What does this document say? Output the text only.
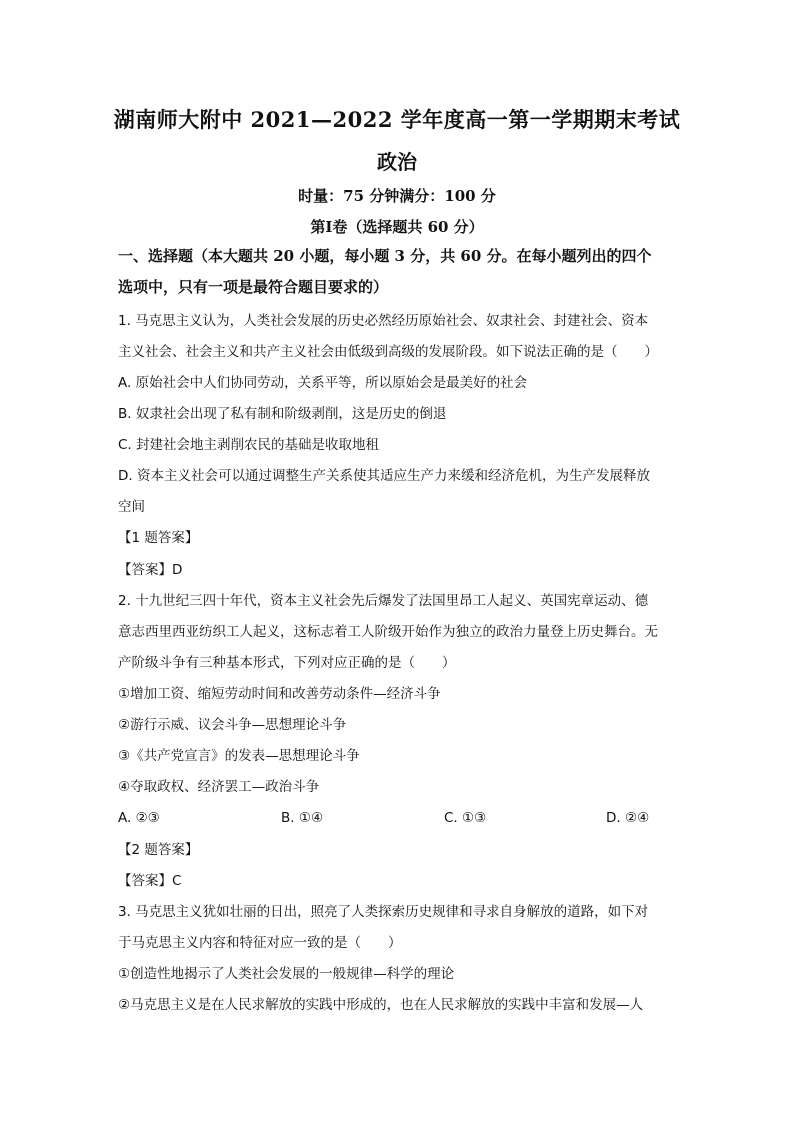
湖南师大附中 2021—2022 学年度高一第一学期期末考试
政治
时量：75 分钟满分：100 分
第Ⅰ卷（选择题共 60 分）
一、选择题（本大题共 20 小题，每小题 3 分，共 60 分。在每小题列出的四个
选项中，只有一项是最符合题目要求的）
1. 马克思主义认为，人类社会发展的历史必然经历原始社会、奴隶社会、封建社会、资本
主义社会、社会主义和共产主义社会由低级到高级的发展阶段。如下说法正确的是（　　）
A. 原始社会中人们协同劳动，关系平等，所以原始会是最美好的社会
B. 奴隶社会出现了私有制和阶级剥削，这是历史的倒退
C. 封建社会地主剥削农民的基础是收取地租
D. 资本主义社会可以通过调整生产关系使其适应生产力来缓和经济危机，为生产发展释放
空间
【1 题答案】
【答案】D
2. 十九世纪三四十年代，资本主义社会先后爆发了法国里昂工人起义、英国宪章运动、德
意志西里西亚纺织工人起义，这标志着工人阶级开始作为独立的政治力量登上历史舞台。无
产阶级斗争有三种基本形式，下列对应正确的是（　　）
①增加工资、缩短劳动时间和改善劳动条件—经济斗争
②游行示威、议会斗争—思想理论斗争
③《共产党宣言》的发表—思想理论斗争
④夺取政权、经济罢工—政治斗争
A. ②③	B. ①④	C. ①③	D. ②④
【2 题答案】
【答案】C
3. 马克思主义犹如壮丽的日出，照亮了人类探索历史规律和寻求自身解放的道路，如下对
于马克思主义内容和特征对应一致的是（　　）
①创造性地揭示了人类社会发展的一般规律—科学的理论
②马克思主义是在人民求解放的实践中形成的，也在人民求解放的实践中丰富和发展—人
